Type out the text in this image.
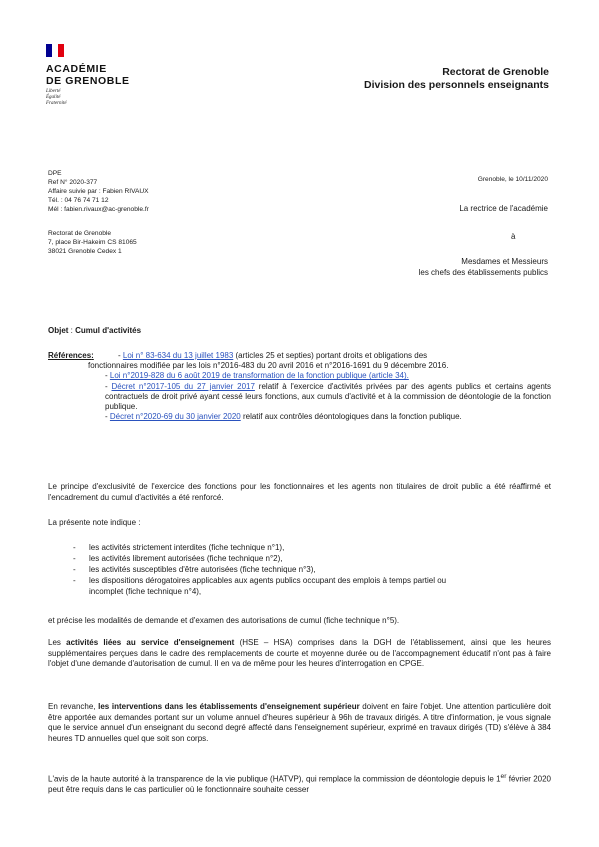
ACADÉMIE
DE GRENOBLE
Liberté
Égalité
Fraternité
Rectorat de Grenoble
Division des personnels enseignants
DPE
Ref N° 2020-377
Affaire suivie par : Fabien RIVAUX
Tél. : 04 76 74 71 12
Mél : fabien.rivaux@ac-grenoble.fr
Rectorat de Grenoble
7, place Bir-Hakeim CS 81065
38021 Grenoble Cedex 1
Grenoble, le 10/11/2020
La rectrice de l'académie
à
Mesdames et Messieurs
les chefs des établissements publics
Objet : Cumul d'activités
- Loi n° 83-634 du 13 juillet 1983 (articles 25 et septies) portant droits et obligations des
Références:
fonctionnaires modifiée par les lois n°2016-483 du 20 avril 2016 et n°2016-1691 du 9 décembre 2016.
- Loi n°2019-828 du 6 août 2019 de transformation de la fonction publique (article 34).
- Décret n°2017-105 du 27 janvier 2017 relatif à l'exercice d'activités privées par des agents publics et certains agents contractuels de droit privé ayant cessé leurs fonctions, aux cumuls d'activité et à la commission de déontologie de la fonction publique.
- Décret n°2020-69 du 30 janvier 2020 relatif aux contrôles déontologiques dans la fonction publique.
Le principe d'exclusivité de l'exercice des fonctions pour les fonctionnaires et les agents non titulaires de droit public a été réaffirmé et l'encadrement du cumul d'activités a été renforcé.
La présente note indique :
- les activités strictement interdites (fiche technique n°1),
- les activités librement autorisées (fiche technique n°2),
- les activités susceptibles d'être autorisées (fiche technique n°3),
- les dispositions dérogatoires applicables aux agents publics occupant des emplois à temps partiel ou
incomplet (fiche technique n°4),
et précise les modalités de demande et d'examen des autorisations de cumul (fiche technique n°5).
Les activités liées au service d'enseignement (HSE – HSA) comprises dans la DGH de l'établissement, ainsi que les heures supplémentaires perçues dans le cadre des remplacements de courte et moyenne durée ou de l'accompagnement éducatif n'ont pas à faire l'objet d'une demande d'autorisation de cumul. Il en va de même pour les heures d'interrogation en CPGE.
En revanche, les interventions dans les établissements d'enseignement supérieur doivent en faire l'objet. Une attention particulière doit être apportée aux demandes portant sur un volume annuel d'heures supérieur à 96h de travaux dirigés. A titre d'information, je vous signale que le service annuel d'un enseignant du second degré affecté dans l'enseignement supérieur, exprimé en travaux dirigés (TD) s'élève à 384 heures TD annuelles quel que soit son corps.
L'avis de la haute autorité à la transparence de la vie publique (HATVP), qui remplace la commission de déontologie depuis le 1er février 2020 peut être requis dans le cas particulier où le fonctionnaire souhaite cesser
